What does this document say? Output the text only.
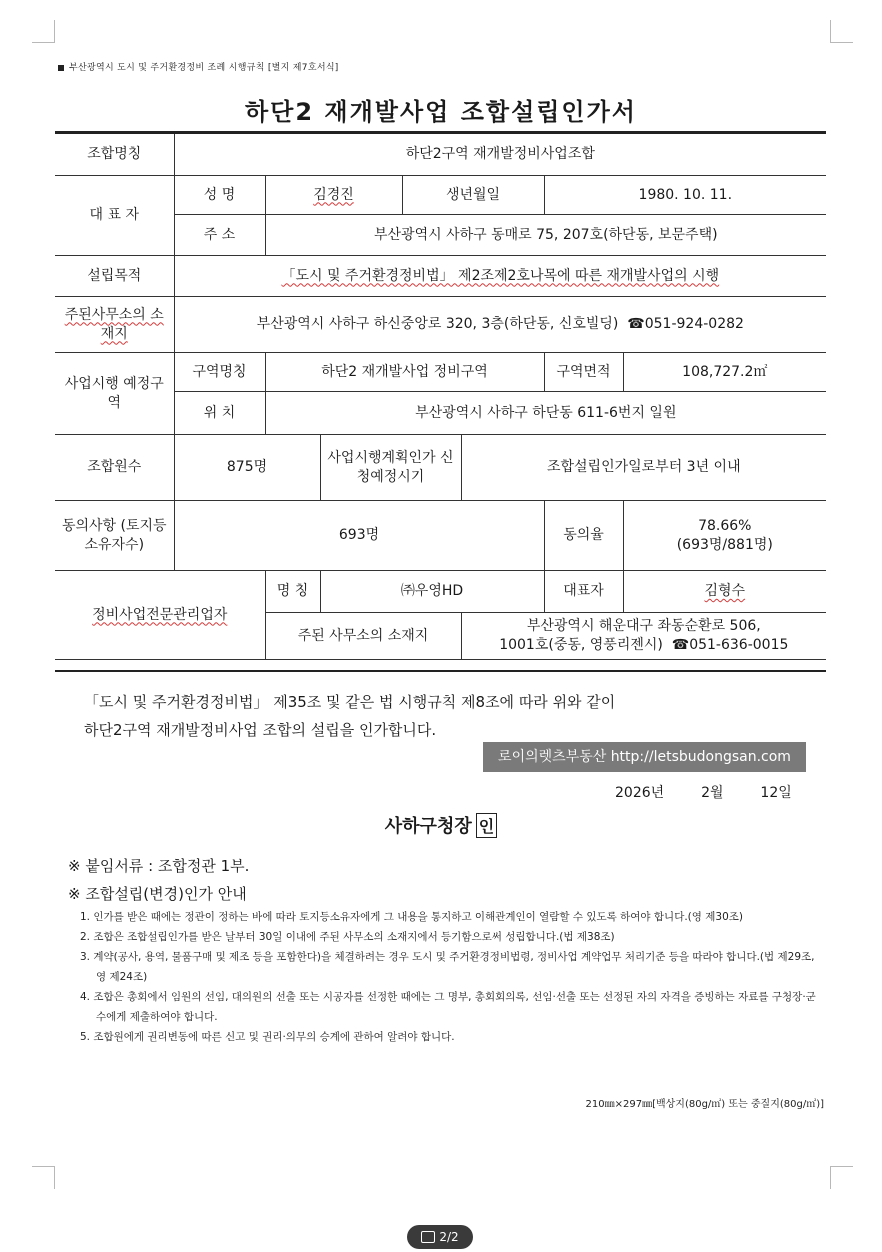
부산광역시 도시 및 주거환경정비 조례 시행규칙 [별지 제7호서식]
하단2 재개발사업 조합설립인가서
조합명칭	하단2구역 재개발정비사업조합						
대 표 자	성 명	김경진		생년월일		1980. 10. 11.	
	주 소	부산광역시 사하구 동매로 75, 207호(하단동, 보문주택)					
설립목적	「도시 및 주거환경정비법」 제2조제2호나목에 따른 재개발사업의 시행						
주된사무소의 소재지	부산광역시 사하구 하신중앙로 320, 3층(하단동, 신호빌딩) ☎051-924-0282						
사업시행 예정구역	구역명칭	하단2 재개발사업 정비구역				구역면적	108,727.2㎡
	위 치	부산광역시 사하구 하단동 611-6번지 일원					
조합원수	875명		사업시행계획인가 신청예정시기		조합설립인가일로부터 3년 이내		
동의사항 (토지등 소유자수)	693명					동의율	78.66%
(693명/881명)

정비사업전문관리업자		명 칭	㈜우영HD			대표자	김형수
		주된 사무소의 소재지			부산광역시 해운대구 좌동순환로 506,
1001호(중동, 영풍리젠시) ☎051-636-0015		
「도시 및 주거환경정비법」 제35조 및 같은 법 시행규칙 제8조에 따라 위와 같이
하단2구역 재개발정비사업 조합의 설립을 인가합니다.
로이의렛츠부동산 http://letsbudongsan.com
2026년	2월	12일
사하구청장 인
※ 붙임서류 : 조합정관 1부.
※ 조합설립(변경)인가 안내
1. 인가를 받은 때에는 정관이 정하는 바에 따라 토지등소유자에게 그 내용을 통지하고 이해관계인이 열람할 수 있도록 하여야 합니다.(영 제30조)
2. 조합은 조합설립인가를 받은 날부터 30일 이내에 주된 사무소의 소재지에서 등기함으로써 성립합니다.(법 제38조)
3. 계약(공사, 용역, 물품구매 및 제조 등을 포함한다)을 체결하려는 경우 도시 및 주거환경정비법령, 정비사업 계약업무 처리기준 등을 따라야 합니다.(법 제29조, 영 제24조)
4. 조합은 총회에서 임원의 선임, 대의원의 선출 또는 시공자를 선정한 때에는 그 명부, 총회회의록, 선임·선출 또는 선정된 자의 자격을 증빙하는 자료를 구청장·군수에게 제출하여야 합니다.
5. 조합원에게 권리변동에 따른 신고 및 권리·의무의 승계에 관하여 알려야 합니다.
210㎜×297㎜[백상지(80g/㎡) 또는 중질지(80g/㎡)]
2/2
